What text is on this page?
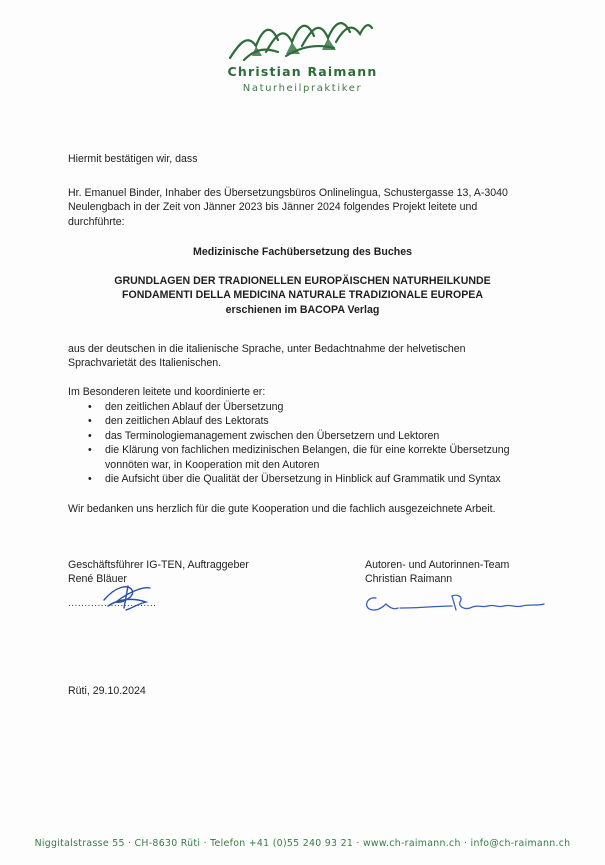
Christian Raimann
Naturheilpraktiker
Hiermit bestätigen wir, dass
Hr. Emanuel Binder, Inhaber des Übersetzungsbüros Onlinelingua, Schustergasse 13, A-3040
Neulengbach in der Zeit von Jänner 2023 bis Jänner 2024 folgendes Projekt leitete und
durchführte:
Medizinische Fachübersetzung des Buches
GRUNDLAGEN DER TRADIONELLEN EUROPÄISCHEN NATURHEILKUNDE
FONDAMENTI DELLA MEDICINA NATURALE TRADIZIONALE EUROPEA
erschienen im BACOPA Verlag
aus der deutschen in die italienische Sprache, unter Bedachtnahme der helvetischen
Sprachvarietät des Italienischen.
Im Besonderen leitete und koordinierte er:
• den zeitlichen Ablauf der Übersetzung
• den zeitlichen Ablauf des Lektorats
• das Terminologiemanagement zwischen den Übersetzern und Lektoren
• die Klärung von fachlichen medizinischen Belangen, die für eine korrekte Übersetzung
vonnöten war, in Kooperation mit den Autoren
• die Aufsicht über die Qualität der Übersetzung in Hinblick auf Grammatik und Syntax
Wir bedanken uns herzlich für die gute Kooperation und die fachlich ausgezeichnete Arbeit.
Geschäftsführer IG-TEN, Auftraggeber
René Bläuer
...........................
Autoren- und Autorinnen-Team
Christian Raimann
Rüti, 29.10.2024
Niggitalstrasse 55 · CH-8630 Rüti · Telefon +41 (0)55 240 93 21 · www.ch-raimann.ch · info@ch-raimann.ch
